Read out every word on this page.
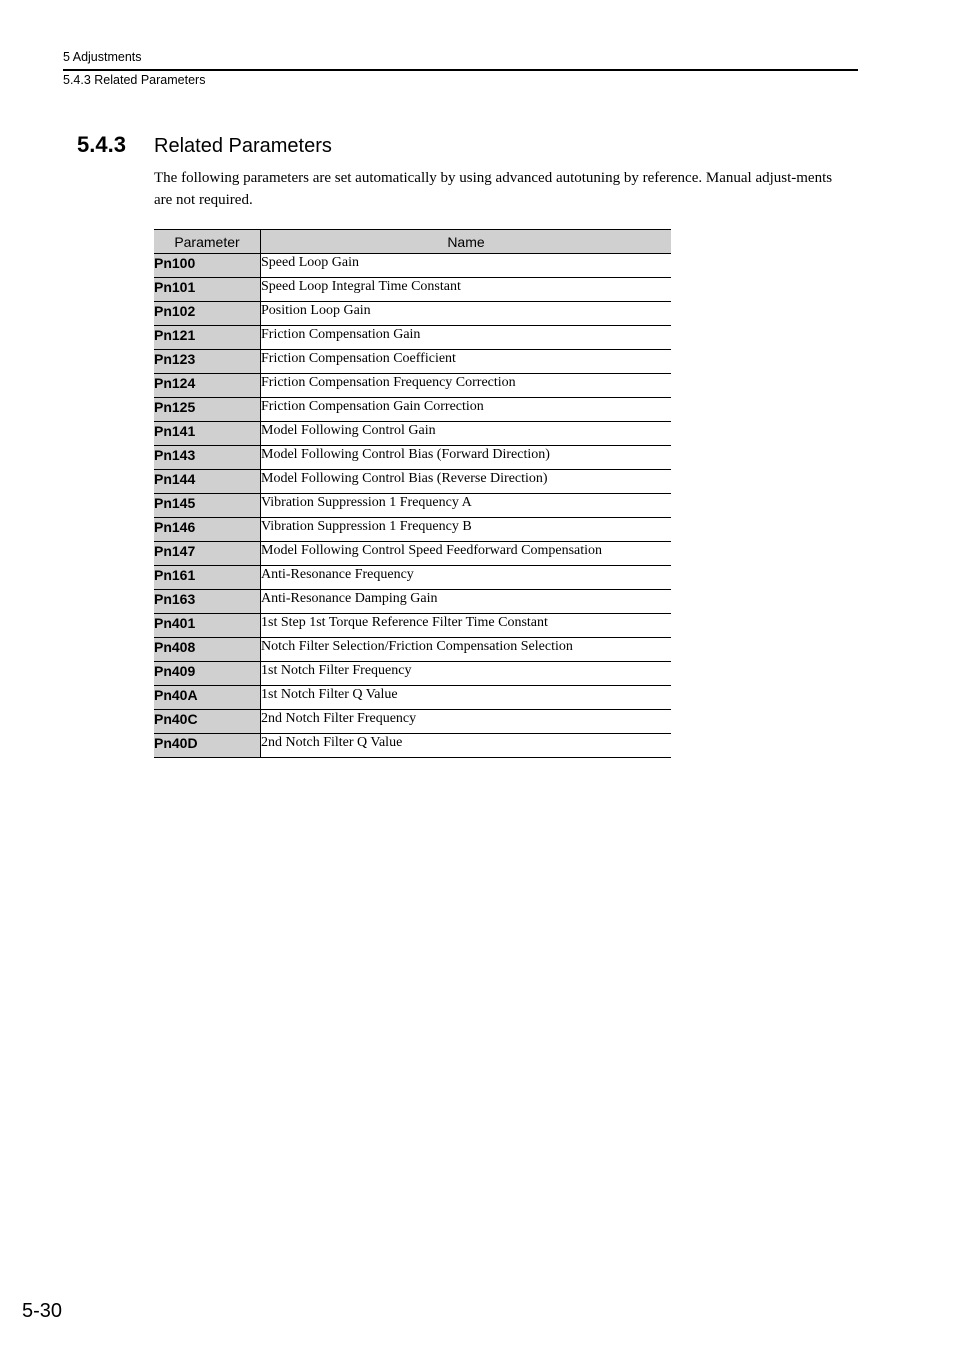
5 Adjustments
5.4.3 Related Parameters
5.4.3 Related Parameters

The following parameters are set automatically by using advanced autotuning by reference. Manual adjust-ments are not required.

Parameter	Name
Pn100	Speed Loop Gain
Pn101	Speed Loop Integral Time Constant
Pn102	Position Loop Gain
Pn121	Friction Compensation Gain
Pn123	Friction Compensation Coefficient
Pn124	Friction Compensation Frequency Correction
Pn125	Friction Compensation Gain Correction
Pn141	Model Following Control Gain
Pn143	Model Following Control Bias (Forward Direction)
Pn144	Model Following Control Bias (Reverse Direction)
Pn145	Vibration Suppression 1 Frequency A
Pn146	Vibration Suppression 1 Frequency B
Pn147	Model Following Control Speed Feedforward Compensation
Pn161	Anti-Resonance Frequency
Pn163	Anti-Resonance Damping Gain
Pn401	1st Step 1st Torque Reference Filter Time Constant
Pn408	Notch Filter Selection/Friction Compensation Selection
Pn409	1st Notch Filter Frequency
Pn40A	1st Notch Filter Q Value
Pn40C	2nd Notch Filter Frequency
Pn40D	2nd Notch Filter Q Value
5-30
